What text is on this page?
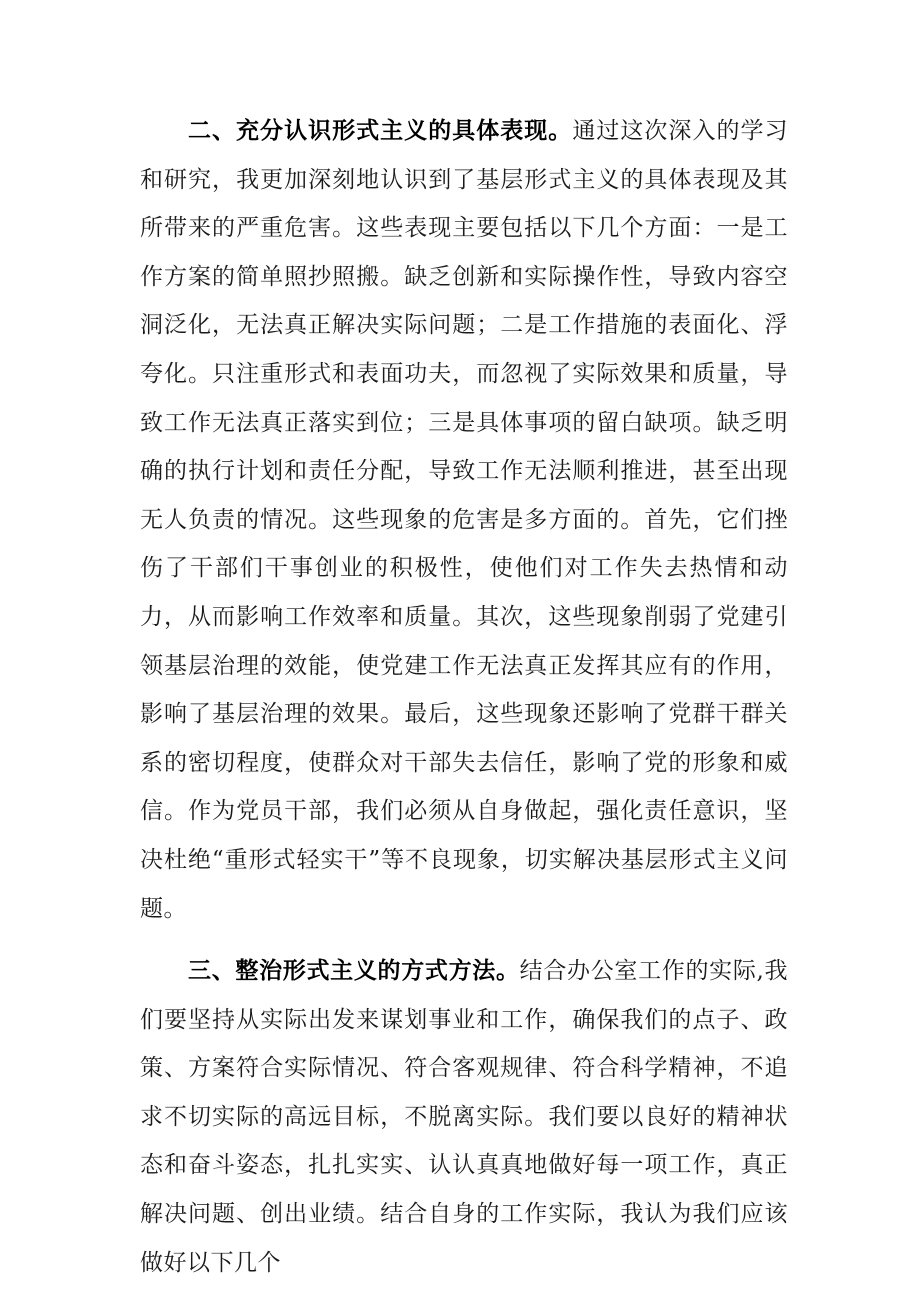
二、充分认识形式主义的具体表现。通过这次深入的学习和研究，我更加深刻地认识到了基层形式主义的具体表现及其所带来的严重危害。这些表现主要包括以下几个方面：一是工作方案的简单照抄照搬。缺乏创新和实际操作性，导致内容空洞泛化，无法真正解决实际问题；二是工作措施的表面化、浮夸化。只注重形式和表面功夫，而忽视了实际效果和质量，导致工作无法真正落实到位；三是具体事项的留白缺项。缺乏明确的执行计划和责任分配，导致工作无法顺利推进，甚至出现无人负责的情况。这些现象的危害是多方面的。首先，它们挫伤了干部们干事创业的积极性，使他们对工作失去热情和动力，从而影响工作效率和质量。其次，这些现象削弱了党建引领基层治理的效能，使党建工作无法真正发挥其应有的作用，影响了基层治理的效果。最后，这些现象还影响了党群干群关系的密切程度，使群众对干部失去信任，影响了党的形象和威信。作为党员干部，我们必须从自身做起，强化责任意识，坚决杜绝“重形式轻实干”等不良现象，切实解决基层形式主义问题。

三、整治形式主义的方式方法。结合办公室工作的实际,我们要坚持从实际出发来谋划事业和工作，确保我们的点子、政策、方案符合实际情况、符合客观规律、符合科学精神，不追求不切实际的高远目标，不脱离实际。我们要以良好的精神状态和奋斗姿态，扎扎实实、认认真真地做好每一项工作，真正解决问题、创出业绩。结合自身的工作实际，我认为我们应该做好以下几个
